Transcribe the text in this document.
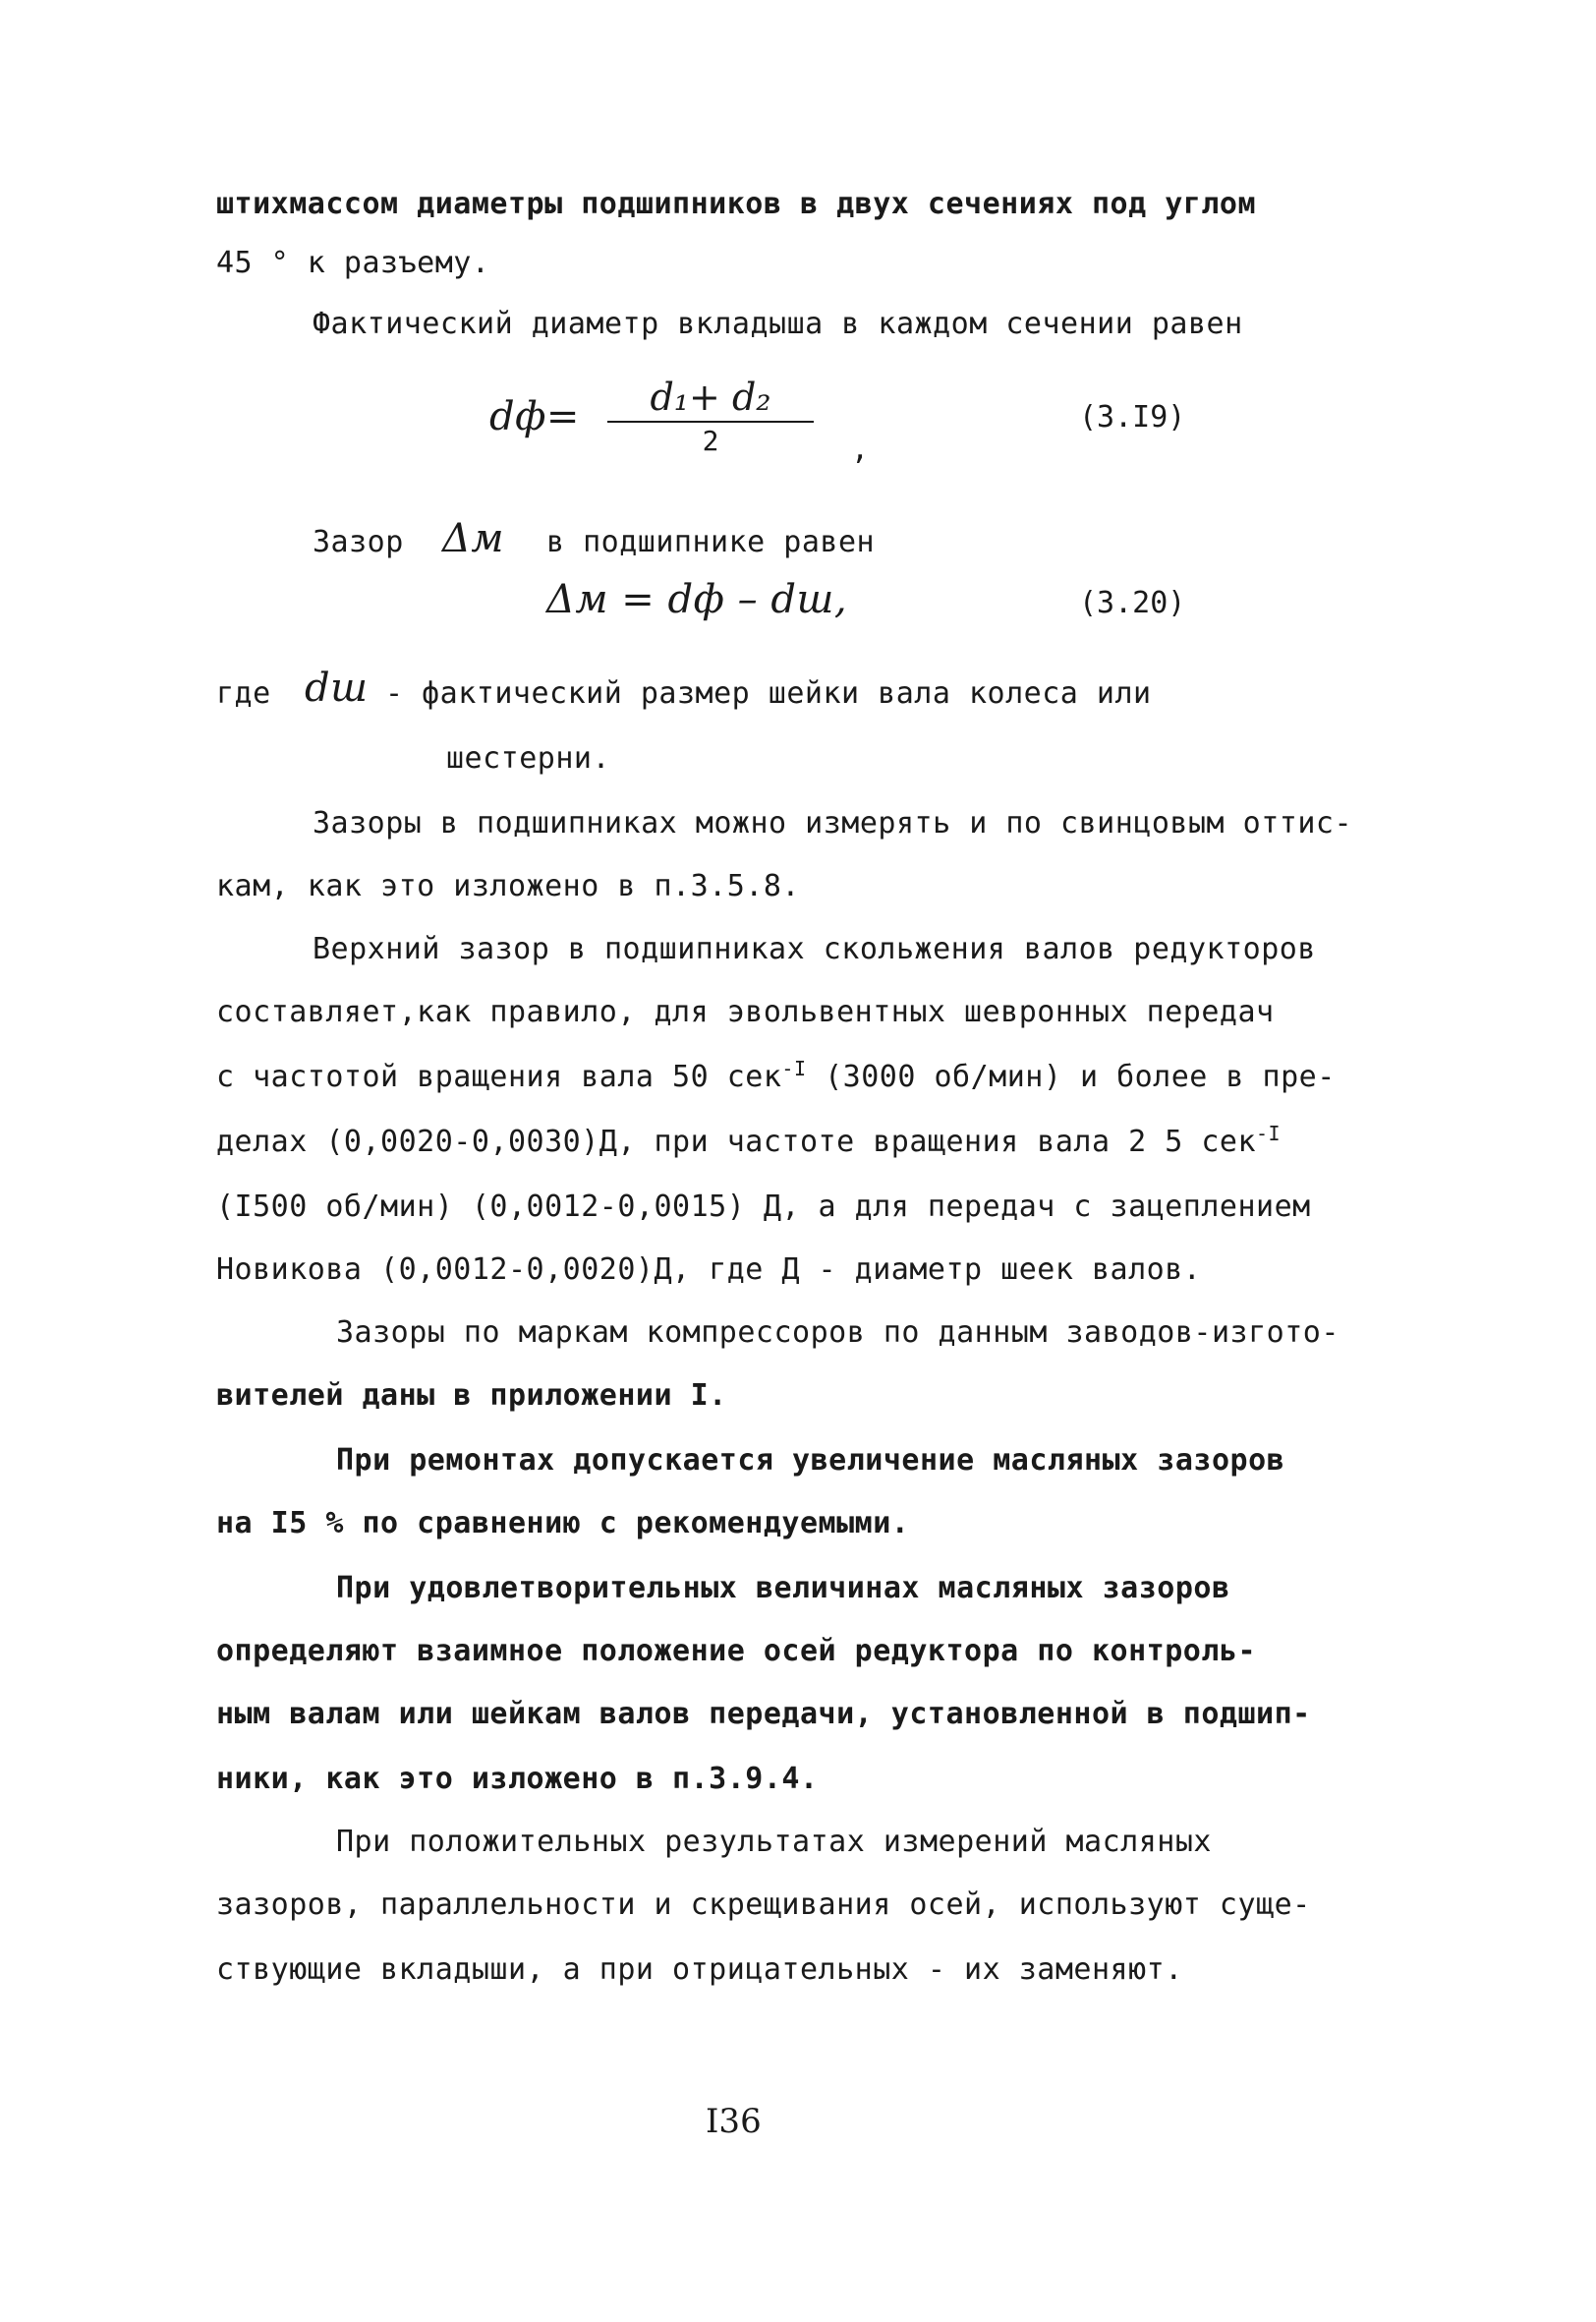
штихмассом диаметры подшипников в двух сечениях под углом
45 ° к разъему.
Фактический диаметр вкладыша в каждом сечении равен
dф=	d₁+ d₂
2	,
(3.I9)
Зазор Δм в подшипнике равен
Δм = dф – dш,	(3.20)
где dш - фактический размер шейки вала колеса или
шестерни.
Зазоры в подшипниках можно измерять и по свинцовым оттис-
кам, как это изложено в п.3.5.8.
Верхний зазор в подшипниках скольжения валов редукторов
составляет,как правило, для эвольвентных шевронных передач
с частотой вращения вала 50 сек$^{-I}$ (3000 об/мин) и более в пре-
делах (0,0020-0,0030)Д, при частоте вращения вала 2 5 сек$^{-I}$
(I500 об/мин) (0,0012-0,0015) Д, а для передач с зацеплением
Новикова (0,0012-0,0020)Д, где Д - диаметр шеек валов.
Зазоры по маркам компрессоров по данным заводов-изгото-
вителей даны в приложении I.
При ремонтах допускается увеличение масляных зазоров
на I5 % по сравнению с рекомендуемыми.
При удовлетворительных величинах масляных зазоров
определяют взаимное положение осей редуктора по контроль-
ным валам или шейкам валов передачи, установленной в подшип-
ники, как это изложено в п.3.9.4.
При положительных результатах измерений масляных
зазоров, параллельности и скрещивания осей, используют суще-
ствующие вкладыши, а при отрицательных - их заменяют.
I36
